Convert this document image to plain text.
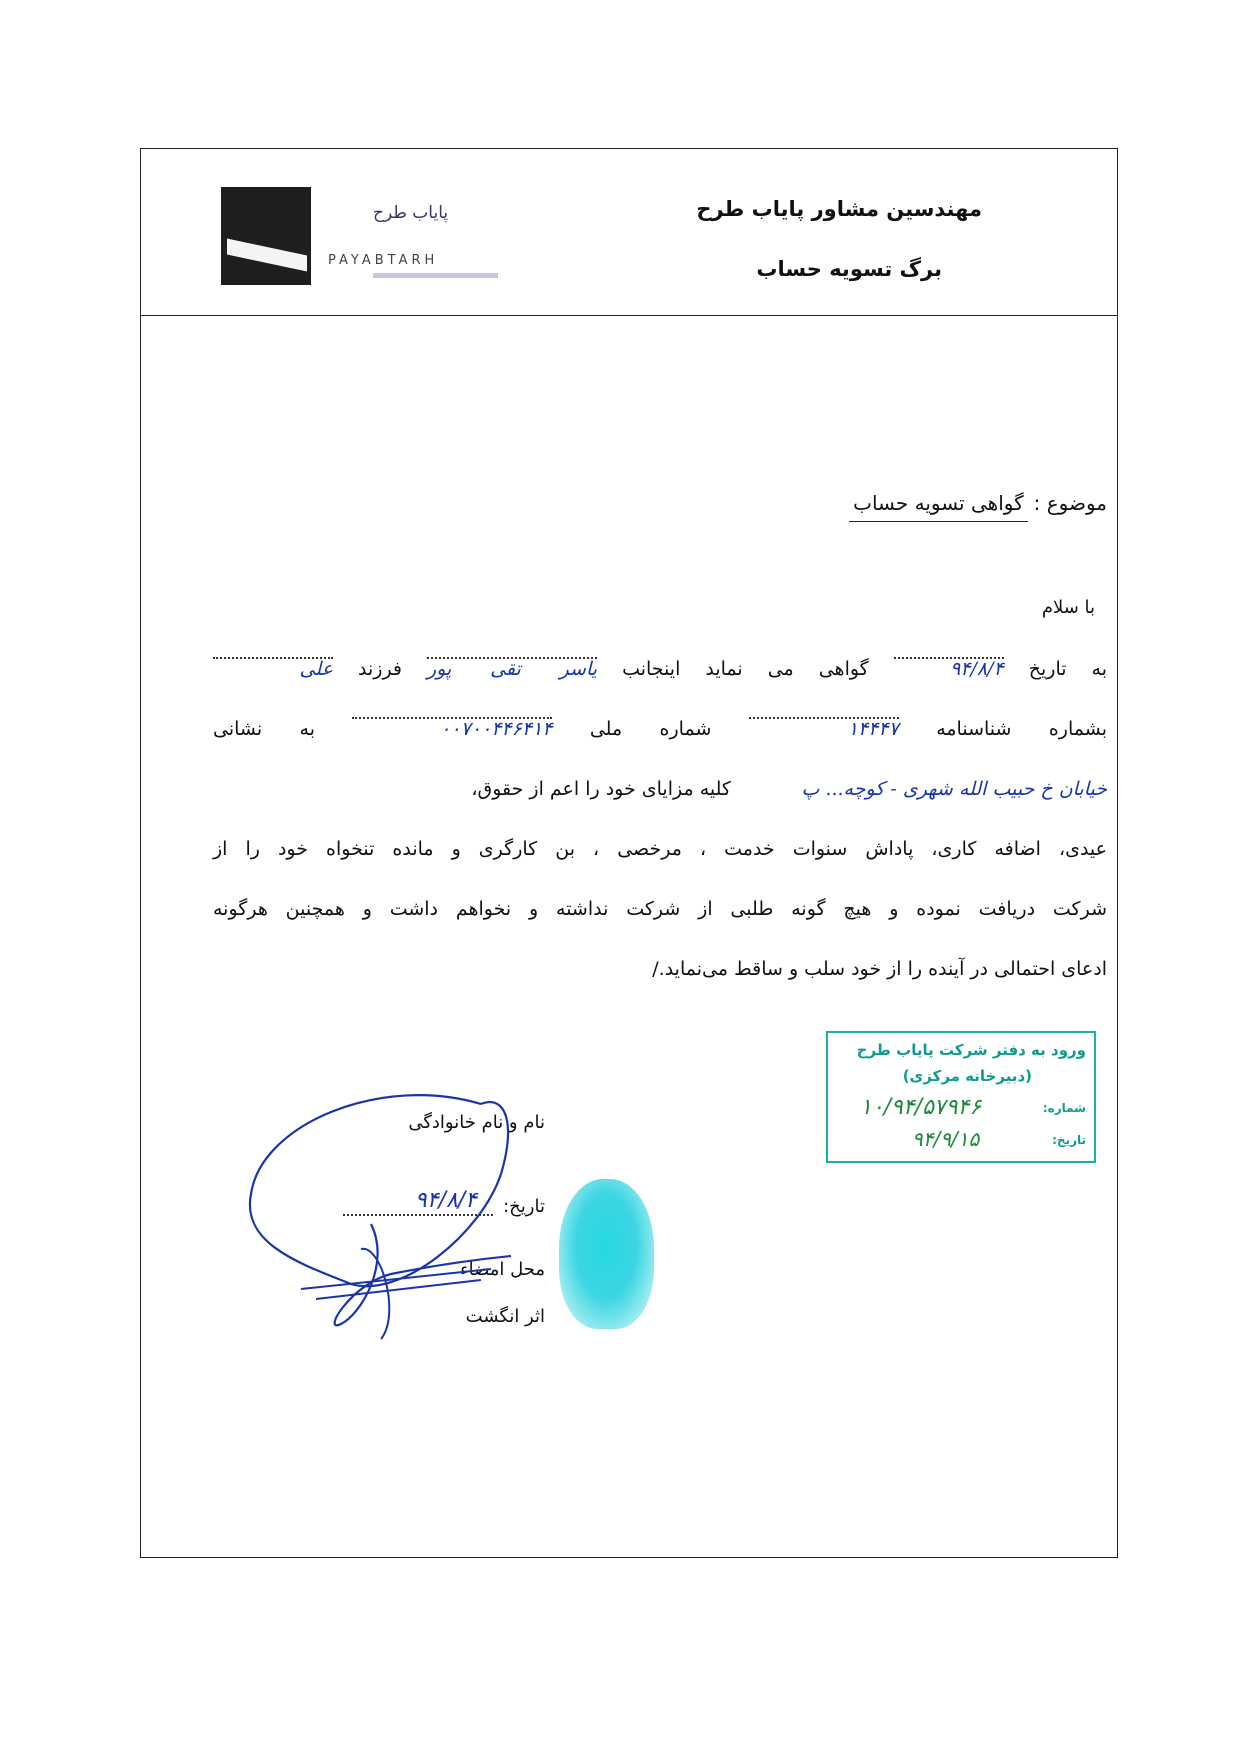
مهندسین مشاور پایاب طرح
برگ تسویه حساب
پایاب طرح
PAYABTARH
موضوع :گواهی تسویه حساب
با سلام
به تاریخ ۹۴/۸/۴ گواهی می نماید اینجانب یاسر تقی پور فرزند علی
بشماره شناسنامه ۱۴۴۴۷ شماره ملی ۰۰۷۰۰۴۴۶۴۱۴ به نشانی
خیابان خ حبیب الله شهری - کوچه... پ کلیه مزایای خود را اعم از حقوق،
عیدی، اضافه کاری، پاداش سنوات خدمت ، مرخصی ، بن کارگری و مانده تنخواه خود را از
شرکت دریافت نموده و هیچ گونه طلبی از شرکت نداشته و نخواهم داشت و همچنین هرگونه
ادعای احتمالی در آینده را از خود سلب و ساقط می‌نماید./
ورود به دفتر شرکت پایاب طرح
(دبیرخانه مرکزی)
شماره:
۱۰/۹۴/۵۷۹۴۶
تاریخ:
۹۴/۹/۱۵
نام و نام خانوادگی
۹۴/۸/۴ تاریخ:
محل امضاء
اثر انگشت
